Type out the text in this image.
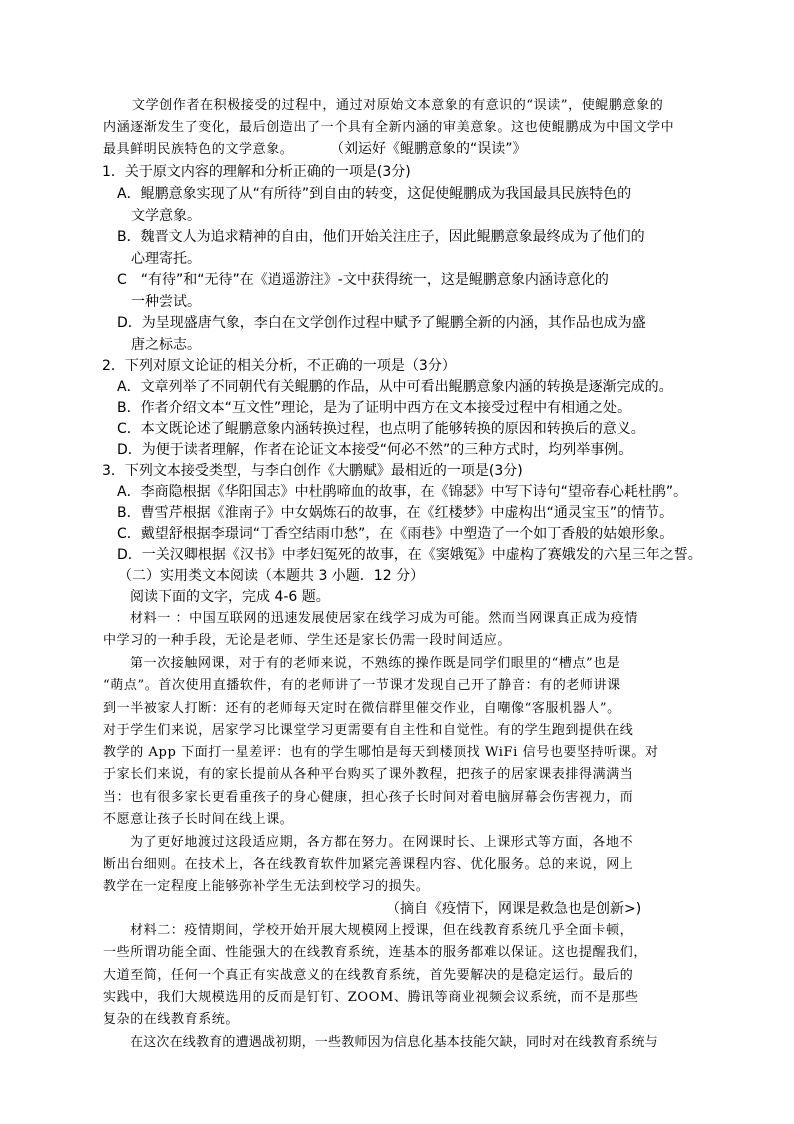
文学创作者在积极接受的过程中，通过对原始文本意象的有意识的“误读”，使鲲鹏意象的

内涵逐渐发生了变化，最后创造出了一个具有全新内涵的审美意象。这也使鲲鹏成为中国文学中

最具鲜明民族特色的文学意象。	（刘运好《鲲鹏意象的“误读”》

1．关于原文内容的理解和分析正确的一项是(3分)

A．鲲鹏意象实现了从“有所待”到自由的转变，这促使鲲鹏成为我国最具民族特色的

文学意象。

B．魏晋文人为追求精神的自由，他们开始关注庄子，因此鲲鹏意象最终成为了他们的

心理寄托。

C　“有待”和“无待”在《逍遥游注》-文中获得统一，这是鲲鹏意象内涵诗意化的

一种尝试。

D．为呈现盛唐气象，李白在文学创作过程中赋予了鲲鹏全新的内涵，其作品也成为盛

唐之标志。

2．下列对原文论证的相关分析，不正确的一项是（3分）

A．文章列举了不同朝代有关鲲鹏的作品，从中可看出鲲鹏意象内涵的转换是逐渐完成的。

B．作者介绍文本“互文性”理论，是为了证明中西方在文本接受过程中有相通之处。

C．本文既论述了鲲鹏意象内涵转换过程，也点明了能够转换的原因和转换后的意义。

D．为便于读者理解，作者在论证文本接受“何必不然”的三种方式时，均列举事例。

3．下列文本接受类型，与李白创作《大鹏赋》最相近的一项是(3分)

A．李商隐根据《华阳国志》中杜鹃啼血的故事，在《锦瑟》中写下诗句“望帝春心耗杜鹃”。

B．曹雪芹根据《淮南子》中女娲炼石的故事，在《红楼梦》中虚构出“通灵宝玉”的情节。

C．戴望舒根据李璟词“丁香空结雨巾愁”，在《雨巷》中塑造了一个如丁香般的姑娘形象。

D．一关汉卿根据《汉书》中孝妇冤死的故事，在《窦娥冤》中虚构了赛娥发的六星三年之誓。

（二）实用类文本阅读（本题共 3 小题．12 分）

阅读下面的文字，完成 4-6 题。

材料一 ：中国互联网的迅速发展使居家在线学习成为可能。然而当网课真正成为疫情

中学习的一种手段，无论是老师、学生还是家长仍需一段时间适应。

第一次接触网课，对于有的老师来说，不熟练的操作既是同学们眼里的“槽点”也是

“萌点”。首次使用直播软件，有的老师讲了一节课才发现自己开了静音：有的老师讲课

到一半被家人打断：还有的老师每天定时在微信群里催交作业，自嘲像“客服机器人”。

对于学生们来说，居家学习比课堂学习更需要有自主性和自觉性。有的学生跑到提供在线

教学的 App 下面打一星差评：也有的学生哪怕是每天到楼顶找 WiFi 信号也要坚持听课。对

于家长们来说，有的家长提前从各种平台购买了课外教程，把孩子的居家课表排得满满当

当：也有很多家长更看重孩子的身心健康，担心孩子长时间对着电脑屏幕会伤害视力，而

不愿意让孩子长时间在线上课。

为了更好地渡过这段适应期，各方都在努力。在网课时长、上课形式等方面，各地不

断出台细则。在技术上，各在线教育软件加紧完善课程内容、优化服务。总的来说，网上

教学在一定程度上能够弥补学生无法到校学习的损失。

（摘自《疫情下，网课是救急也是创新>)

材料二：疫情期间，学校开始开展大规模网上授课，但在线教育系统几乎全面卡顿，

一些所谓功能全面、性能强大的在线教育系统，连基本的服务都难以保证。这也提醒我们，

大道至简，任何一个真正有实战意义的在线教育系统，首先要解决的是稳定运行。最后的

实践中，我们大规模选用的反而是钉钉、ZOOM、腾讯等商业视频会议系统，而不是那些

复杂的在线教育系统。

在这次在线教育的遭遇战初期，一些教师因为信息化基本技能欠缺，同时对在线教育系统与
